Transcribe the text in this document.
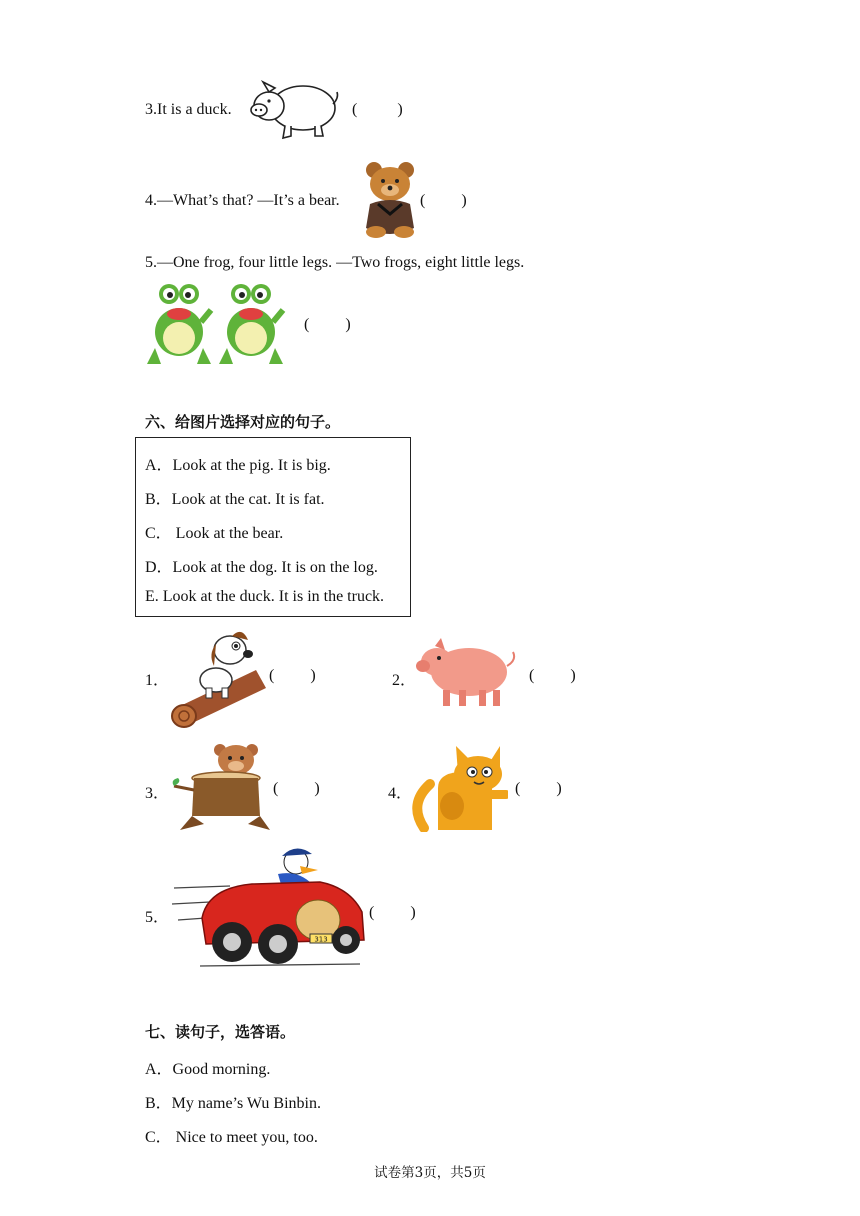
3.It is a duck.	(          )
4.—What’s that? —It’s a bear.	(         )
5.—One frog, four little legs. —Two frogs, eight little legs.
(         )
六、给图片选择对应的句子。
A．Look at the pig. It is big.
B．Look at the cat. It is fat.
C． Look at the bear.
D．Look at the dog. It is on the log.
E. Look at the duck. It is in the truck.
1．	(         )	2．	(         )
3．	(         )	4．	(         )
5．
313
(         )
七、读句子，选答语。
A．Good morning.
B．My name’s Wu Binbin.
C． Nice to meet you, too.
试卷第3页，共5页
